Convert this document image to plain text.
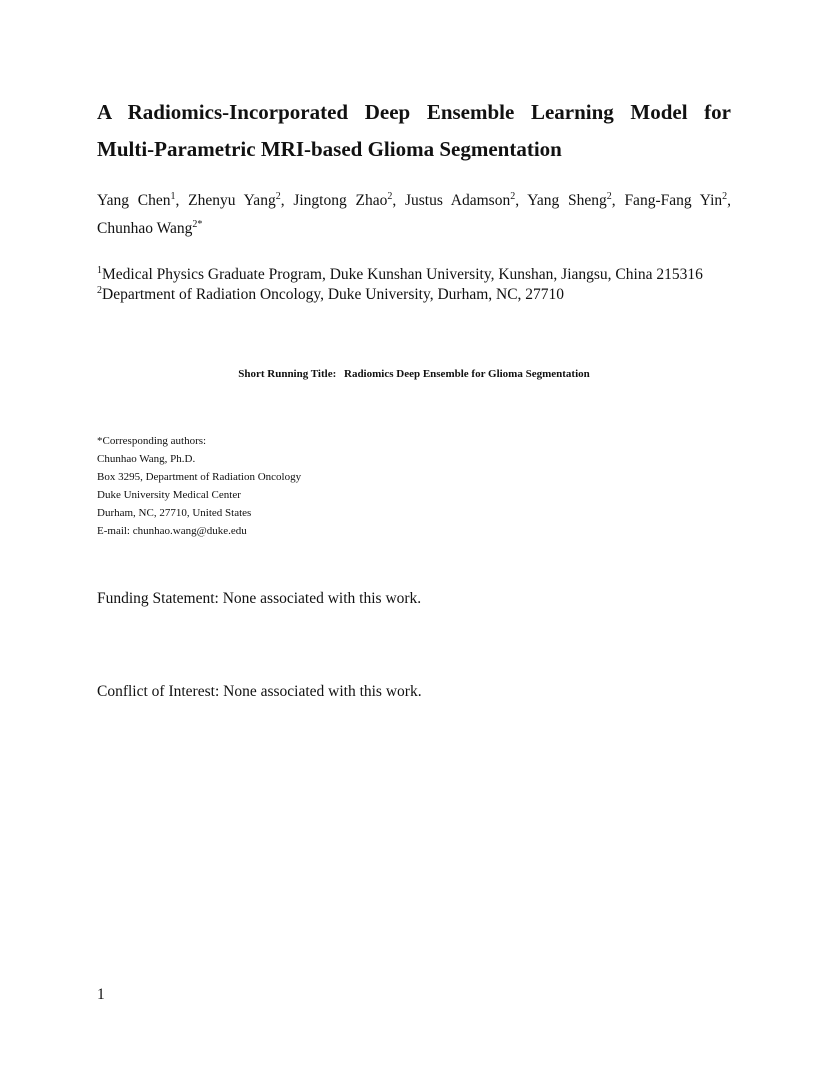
A Radiomics-Incorporated Deep Ensemble Learning Model for
Multi-Parametric MRI-based Glioma Segmentation
Yang Chen$^1$, Zhenyu Yang$^2$, Jingtong Zhao$^2$, Justus Adamson$^2$, Yang Sheng$^2$, Fang-Fang Yin$^2$,
Chunhao Wang$^{2*}$
$^1$Medical Physics Graduate Program, Duke Kunshan University, Kunshan, Jiangsu, China 215316
$^2$Department of Radiation Oncology, Duke University, Durham, NC, 27710
Short Running Title: Radiomics Deep Ensemble for Glioma Segmentation
*Corresponding authors:
Chunhao Wang, Ph.D.
Box 3295, Department of Radiation Oncology
Duke University Medical Center
Durham, NC, 27710, United States
E-mail: chunhao.wang@duke.edu
Funding Statement: None associated with this work.
Conflict of Interest: None associated with this work.
1
